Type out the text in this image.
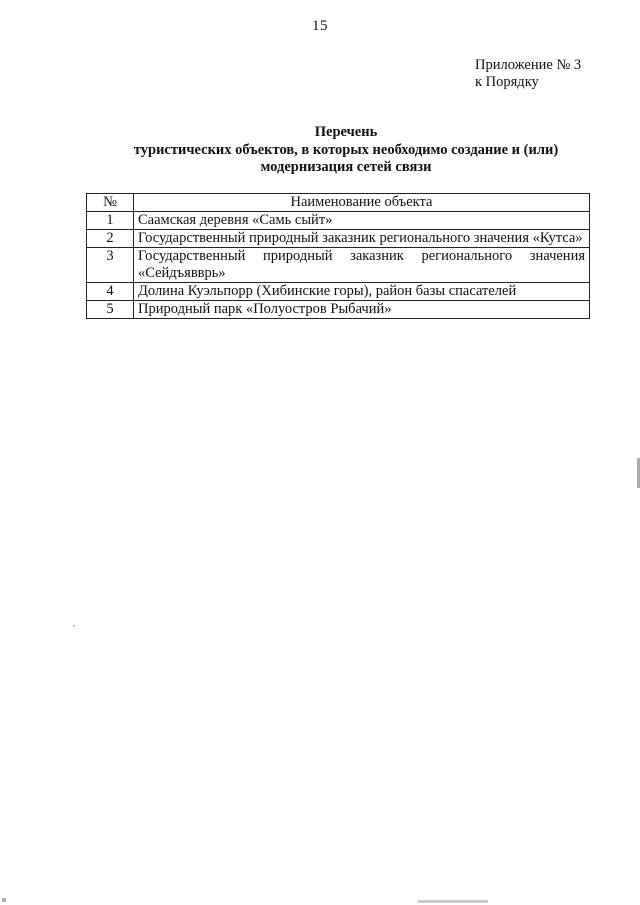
15
Приложение № 3
к Порядку
Перечень
туристических объектов, в которых необходимо создание и (или)
модернизация сетей связи
№	Наименование объекта
1	Саамская деревня «Самь сыйт»
2	Государственный природный заказник регионального значения «Кутса»
3	Государственный природный заказник регионального значения «Сейдъявврь»
4	Долина Куэльпорр (Хибинские горы), район базы спасателей
5	Природный парк «Полуостров Рыбачий»
